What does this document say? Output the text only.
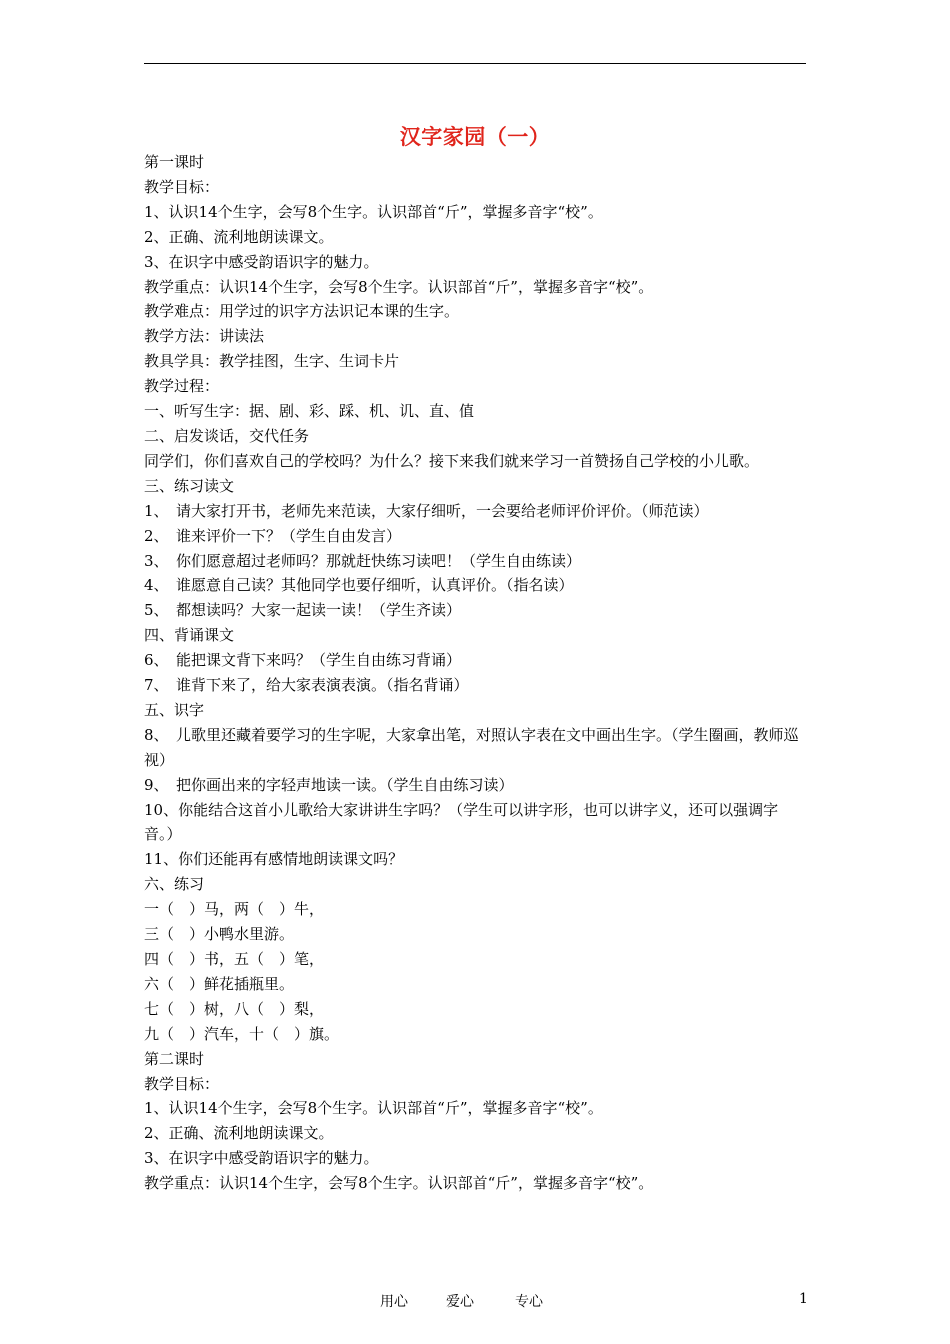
汉字家园（一）
第一课时
教学目标：
1、认识14个生字，会写8个生字。认识部首“斤”，掌握多音字“校”。
2、正确、流利地朗读课文。
3、在识字中感受韵语识字的魅力。
教学重点：认识14个生字，会写8个生字。认识部首“斤”，掌握多音字“校”。
教学难点：用学过的识字方法识记本课的生字。
教学方法：讲读法
教具学具：教学挂图，生字、生词卡片
教学过程：
一、听写生字：据、剧、彩、踩、机、讥、直、值
二、启发谈话，交代任务
同学们，你们喜欢自己的学校吗？为什么？接下来我们就来学习一首赞扬自己学校的小儿歌。
三、练习读文
1、　请大家打开书，老师先来范读，大家仔细听，一会要给老师评价评价。（师范读）
2、　谁来评价一下？（学生自由发言）
3、　你们愿意超过老师吗？那就赶快练习读吧！（学生自由练读）
4、　谁愿意自己读？其他同学也要仔细听，认真评价。（指名读）
5、　都想读吗？大家一起读一读！（学生齐读）
四、背诵课文
6、　能把课文背下来吗？（学生自由练习背诵）
7、　谁背下来了，给大家表演表演。（指名背诵）
五、识字
8、　儿歌里还藏着要学习的生字呢，大家拿出笔，对照认字表在文中画出生字。（学生圈画，教师巡视）
9、　把你画出来的字轻声地读一读。（学生自由练习读）
10、你能结合这首小儿歌给大家讲讲生字吗？（学生可以讲字形，也可以讲字义，还可以强调字音。）
11、你们还能再有感情地朗读课文吗？
六、练习
一（　）马，两（　）牛，
三（　）小鸭水里游。
四（　）书，五（　）笔，
六（　）鲜花插瓶里。
七（　）树，八（　）梨，
九（　）汽车，十（　）旗。
第二课时
教学目标：
1、认识14个生字，会写8个生字。认识部首“斤”，掌握多音字“校”。
2、正确、流利地朗读课文。
3、在识字中感受韵语识字的魅力。
教学重点：认识14个生字，会写8个生字。认识部首“斤”，掌握多音字“校”。
用心	爱心	专心	1
